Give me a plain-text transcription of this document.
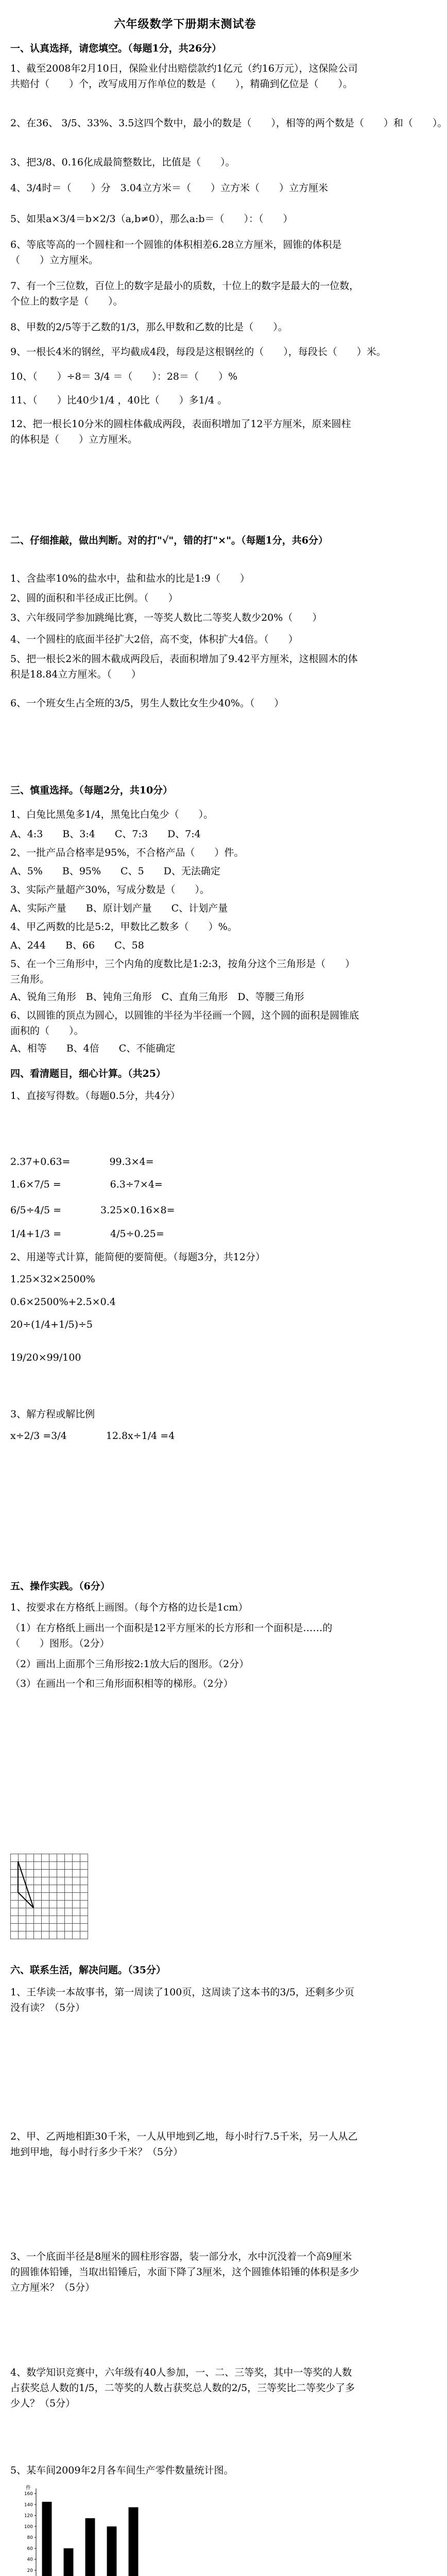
六年级数学下册期末测试卷
一、认真选择，请您填空。（每题1分，共26分）
1、截至2008年2月10日，保险业付出赔偿款约1亿元（约16万元），这保险公司共赔付（　　）个，改写成用万作单位的数是（　　），精确到亿位是（　　）。
2、在36、 3/5、33%、3.5这四个数中，最小的数是（　　），相等的两个数是（　　）和（　　）。
3、把3/8、0.16化成最简整数比，比值是（　　）。
4、3/4时＝（　　）分　3.04立方米＝（　　）立方米（　　）立方厘米
5、如果a×3/4＝b×2/3（a,b≠0），那么a:b＝（　　）：（　　）
6、等底等高的一个圆柱和一个圆锥的体积相差6.28立方厘米，圆锥的体积是（　　）立方厘米。
7、有一个三位数，百位上的数字是最小的质数，十位上的数字是最大的一位数，个位上的数字是（　　）。
8、甲数的2/5等于乙数的1/3，那么甲数和乙数的比是（　　）。
9、一根长4米的钢丝，平均截成4段，每段是这根钢丝的（　　），每段长（　　）米。
10、（　　）÷8＝ 3/4 ＝（　　）：28＝（　　）%
11、（　　）比40少1/4 ，40比（　　）多1/4 。
12、把一根长10分米的圆柱体截成两段，表面积增加了12平方厘米，原来圆柱的体积是（　　）立方厘米。
二、仔细推敲，做出判断。对的打"√"，错的打"×"。（每题1分，共6分）
1、含盐率10%的盐水中，盐和盐水的比是1:9（　　）
2、圆的面积和半径成正比例。（　　）
3、六年级同学参加跳绳比赛，一等奖人数比二等奖人数少20%（　　）
4、一个圆柱的底面半径扩大2倍，高不变，体积扩大4倍。（　　）
5、把一根长2米的圆木截成两段后，表面积增加了9.42平方厘米，这根圆木的体积是18.84立方厘米。（　　）
6、一个班女生占全班的3/5，男生人数比女生少40%。（　　）
三、慎重选择。（每题2分，共10分）
1、白兔比黑兔多1/4，黑兔比白兔少（　　）。
A、4:3　　B、3:4　　C、7:3　　D、7:4
2、一批产品合格率是95%，不合格产品（　　）件。
A、5%　　B、95%　　C、5　　D、无法确定
3、实际产量超产30%，写成分数是（　　）。
A、实际产量　　B、原计划产量　　C、计划产量
4、甲乙两数的比是5:2，甲数比乙数多（　　）%。
A、244　　B、66　　C、58
5、在一个三角形中，三个内角的度数比是1:2:3，按角分这个三角形是（　　）三角形。
A、锐角三角形　B、钝角三角形　C、直角三角形　D、等腰三角形
6、以圆锥的顶点为圆心，以圆锥的半径为半径画一个圆，这个圆的面积是圆锥底面积的（　　）。
A、相等　　B、4倍　　C、不能确定
四、看清题目，细心计算。（共25）
1、直接写得数。（每题0.5分，共4分）
2.37+0.63=　　　　99.3×4=
1.6×7/5 =　　　　　6.3÷7×4=
6/5÷4/5 =　　　　3.25×0.16×8=
1/4+1/3 =　　　　　4/5÷0.25=
2、用递等式计算，能简便的要简便。（每题3分，共12分）
1.25×32×2500%
0.6×2500%+2.5×0.4
20÷(1/4+1/5)÷5
19/20×99/100
3、解方程或解比例
x÷2/3 =3/4　　　　12.8x÷1/4 =4
五、操作实践。（6分）
1、按要求在方格纸上画图。（每个方格的边长是1cm）
（1）在方格纸上画出一个面积是12平方厘米的长方形和一个面积是……的（　　）图形。（2分）
（2）画出上面那个三角形按2:1放大后的图形。（2分）
（3）在画出一个和三角形面积相等的梯形。（2分）
六、联系生活，解决问题。（35分）
1、王华读一本故事书，第一周读了100页，这周读了这本书的3/5，还剩多少页没有读？（5分）
2、甲、乙两地相距30千米，一人从甲地到乙地，每小时行7.5千米，另一人从乙地到甲地，每小时行多少千米？（5分）
3、一个底面半径是8厘米的圆柱形容器，装一部分水，水中沉没着一个高9厘米的圆锥体铅锤，当取出铅锤后，水面下降了3厘米，这个圆锥体铅锤的体积是多少立方厘米？（5分）
4、数学知识竞赛中，六年级有40人参加，一、二、三等奖，其中一等奖的人数占获奖总人数的1/5，二等奖的人数占获奖总人数的2/5，三等奖比二等奖少了多少人？（5分）
5、某车间2009年2月各车间生产零件数量统计图。
件
160
140
120
100
80
60
40
20
